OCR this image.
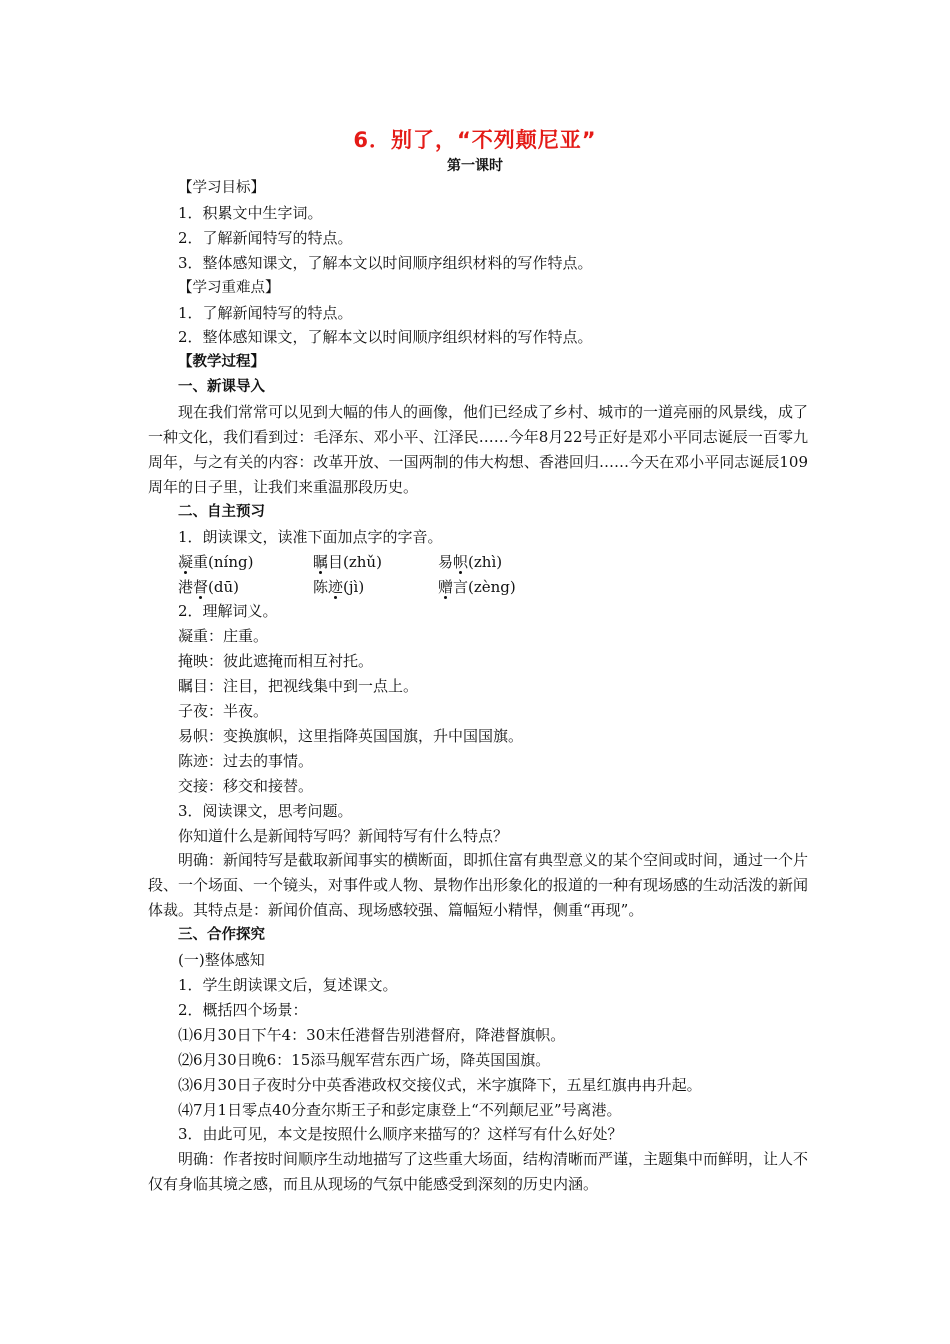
6．别了，“不列颠尼亚”
第一课时

【学习目标】

1．积累文中生字词。

2．了解新闻特写的特点。

3．整体感知课文，了解本文以时间顺序组织材料的写作特点。

【学习重难点】

1．了解新闻特写的特点。

2．整体感知课文，了解本文以时间顺序组织材料的写作特点。

【教学过程】

一、新课导入

现在我们常常可以见到大幅的伟人的画像，他们已经成了乡村、城市的一道亮丽的风景线，成了一种文化，我们看到过：毛泽东、邓小平、江泽民……今年8月22号正好是邓小平同志诞辰一百零九周年，与之有关的内容：改革开放、一国两制的伟大构想、香港回归……今天在邓小平同志诞辰109周年的日子里，让我们来重温那段历史。

二、自主预习

1．朗读课文，读准下面加点字的字音。

凝重(níng)	瞩目(zhǔ)	易帜(zhì)
港督(dū)	陈迹(jì)	赠言(zèng)

2．理解词义。

凝重：庄重。

掩映：彼此遮掩而相互衬托。

瞩目：注目，把视线集中到一点上。

子夜：半夜。

易帜：变换旗帜，这里指降英国国旗，升中国国旗。

陈迹：过去的事情。

交接：移交和接替。

3．阅读课文，思考问题。

你知道什么是新闻特写吗？新闻特写有什么特点？

明确：新闻特写是截取新闻事实的横断面，即抓住富有典型意义的某个空间或时间，通过一个片段、一个场面、一个镜头，对事件或人物、景物作出形象化的报道的一种有现场感的生动活泼的新闻体裁。其特点是：新闻价值高、现场感较强、篇幅短小精悍，侧重“再现”。

三、合作探究

(一)整体感知

1．学生朗读课文后，复述课文。

2．概括四个场景：

⑴6月30日下午4：30末任港督告别港督府，降港督旗帜。

⑵6月30日晚6：15添马舰军营东西广场，降英国国旗。

⑶6月30日子夜时分中英香港政权交接仪式，米字旗降下，五星红旗冉冉升起。

⑷7月1日零点40分查尔斯王子和彭定康登上“不列颠尼亚”号离港。

3．由此可见，本文是按照什么顺序来描写的？这样写有什么好处？

明确：作者按时间顺序生动地描写了这些重大场面，结构清晰而严谨，主题集中而鲜明，让人不仅有身临其境之感，而且从现场的气氛中能感受到深刻的历史内涵。
